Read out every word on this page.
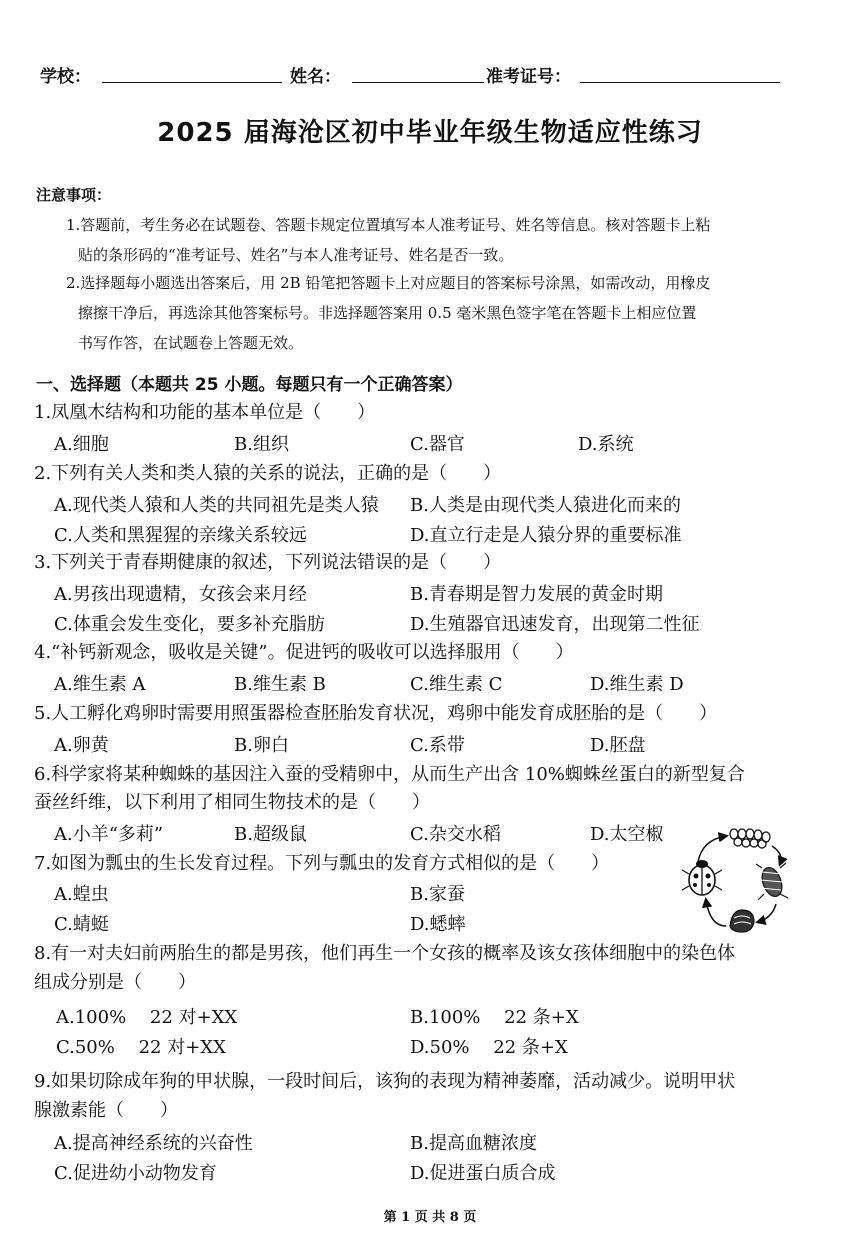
学校：	姓名：	准考证号：
2025 届海沧区初中毕业年级生物适应性练习
注意事项：
1.答题前，考生务必在试题卷、答题卡规定位置填写本人准考证号、姓名等信息。核对答题卡上粘
贴的条形码的“准考证号、姓名”与本人准考证号、姓名是否一致。
2.选择题每小题选出答案后，用 2B 铅笔把答题卡上对应题目的答案标号涂黑，如需改动，用橡皮
擦擦干净后，再选涂其他答案标号。非选择题答案用 0.5 毫米黑色签字笔在答题卡上相应位置
书写作答，在试题卷上答题无效。
一、选择题（本题共 25 小题。每题只有一个正确答案）
1.凤凰木结构和功能的基本单位是（　　）
A.细胞	B.组织	C.器官	D.系统
2.下列有关人类和类人猿的关系的说法，正确的是（　　）
A.现代类人猿和人类的共同祖先是类人猿 B.人类是由现代类人猿进化而来的
C.人类和黑猩猩的亲缘关系较远	D.直立行走是人猿分界的重要标准
3.下列关于青春期健康的叙述，下列说法错误的是（　　）
A.男孩出现遗精，女孩会来月经	B.青春期是智力发展的黄金时期
C.体重会发生变化，要多补充脂肪	D.生殖器官迅速发育，出现第二性征
4.“补钙新观念，吸收是关键”。促进钙的吸收可以选择服用（　　）
A.维生素 A	B.维生素 B	C.维生素 C	D.维生素 D
5.人工孵化鸡卵时需要用照蛋器检查胚胎发育状况，鸡卵中能发育成胚胎的是（　　）
A.卵黄	B.卵白	C.系带	D.胚盘
6.科学家将某种蜘蛛的基因注入蚕的受精卵中，从而生产出含 10%蜘蛛丝蛋白的新型复合
蚕丝纤维，以下利用了相同生物技术的是（　　）
A.小羊“多莉”	B.超级鼠	C.杂交水稻	D.太空椒
7.如图为瓢虫的生长发育过程。下列与瓢虫的发育方式相似的是（　　）
A.蝗虫	B.家蚕
C.蜻蜓	D.蟋蟀
8.有一对夫妇前两胎生的都是男孩，他们再生一个女孩的概率及该女孩体细胞中的染色体
组成分别是（　　）
A.100%　 22 对+XX	B.100%　 22 条+X
C.50%　 22 对+XX	D.50%　 22 条+X
9.如果切除成年狗的甲状腺，一段时间后，该狗的表现为精神萎靡，活动减少。说明甲状
腺激素能（　　）
A.提高神经系统的兴奋性	B.提高血糖浓度
C.促进幼小动物发育	D.促进蛋白质合成
第 1 页 共 8 页
